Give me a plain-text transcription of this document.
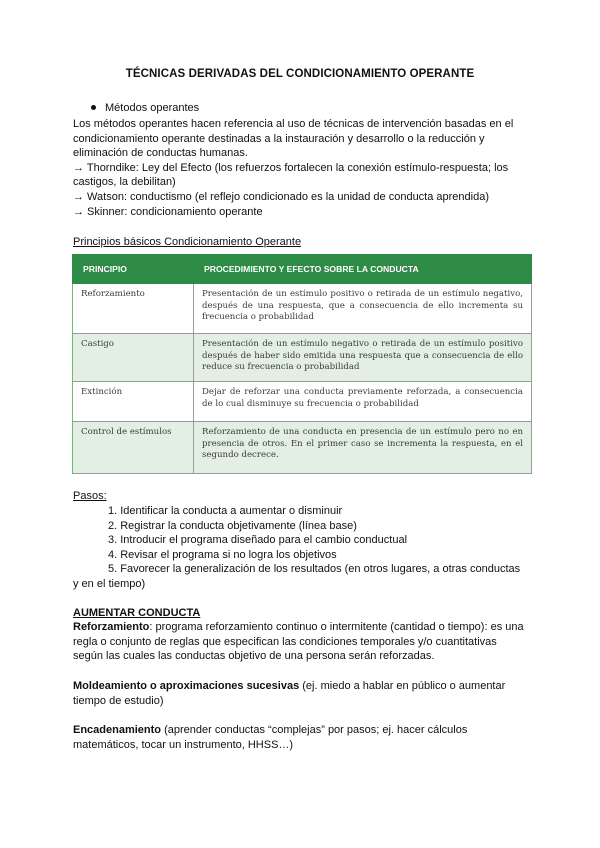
TÉCNICAS DERIVADAS DEL CONDICIONAMIENTO OPERANTE
Métodos operantes
Los métodos operantes hacen referencia al uso de técnicas de intervención basadas en el
condicionamiento operante destinadas a la instauración y desarrollo o la reducción y
eliminación de conductas humanas.
→ Thorndike: Ley del Efecto (los refuerzos fortalecen la conexión estímulo-respuesta; los
castigos, la debilitan)
→ Watson: conductismo (el reflejo condicionado es la unidad de conducta aprendida)
→ Skinner: condicionamiento operante
Principios básicos Condicionamiento Operante
PRINCIPIO	PROCEDIMIENTO Y EFECTO SOBRE LA CONDUCTA
Reforzamiento	Presentación de un estímulo positivo o retirada de un estímulo negativo, después de una respuesta, que a consecuencia de ello incrementa su frecuencia o probabilidad
Castigo	Presentación de un estímulo negativo o retirada de un estímulo positivo después de haber sido emitida una respuesta que a consecuencia de ello reduce su frecuencia o probabilidad
Extinción	Dejar de reforzar una conducta previamente reforzada, a consecuencia de lo cual disminuye su frecuencia o probabilidad
Control de estímulos	Reforzamiento de una conducta en presencia de un estímulo pero no en presencia de otros. En el primer caso se incrementa la respuesta, en el segundo decrece.
Pasos:
1. Identificar la conducta a aumentar o disminuir
2. Registrar la conducta objetivamente (línea base)
3. Introducir el programa diseñado para el cambio conductual
4. Revisar el programa si no logra los objetivos
5. Favorecer la generalización de los resultados (en otros lugares, a otras conductas
y en el tiempo)
AUMENTAR CONDUCTA
Reforzamiento: programa reforzamiento continuo o intermitente (cantidad o tiempo): es una
regla o conjunto de reglas que especifican las condiciones temporales y/o cuantitativas
según las cuales las conductas objetivo de una persona serán reforzadas.
Moldeamiento o aproximaciones sucesivas (ej. miedo a hablar en público o aumentar
tiempo de estudio)
Encadenamiento (aprender conductas “complejas” por pasos; ej. hacer cálculos
matemáticos, tocar un instrumento, HHSS…)
